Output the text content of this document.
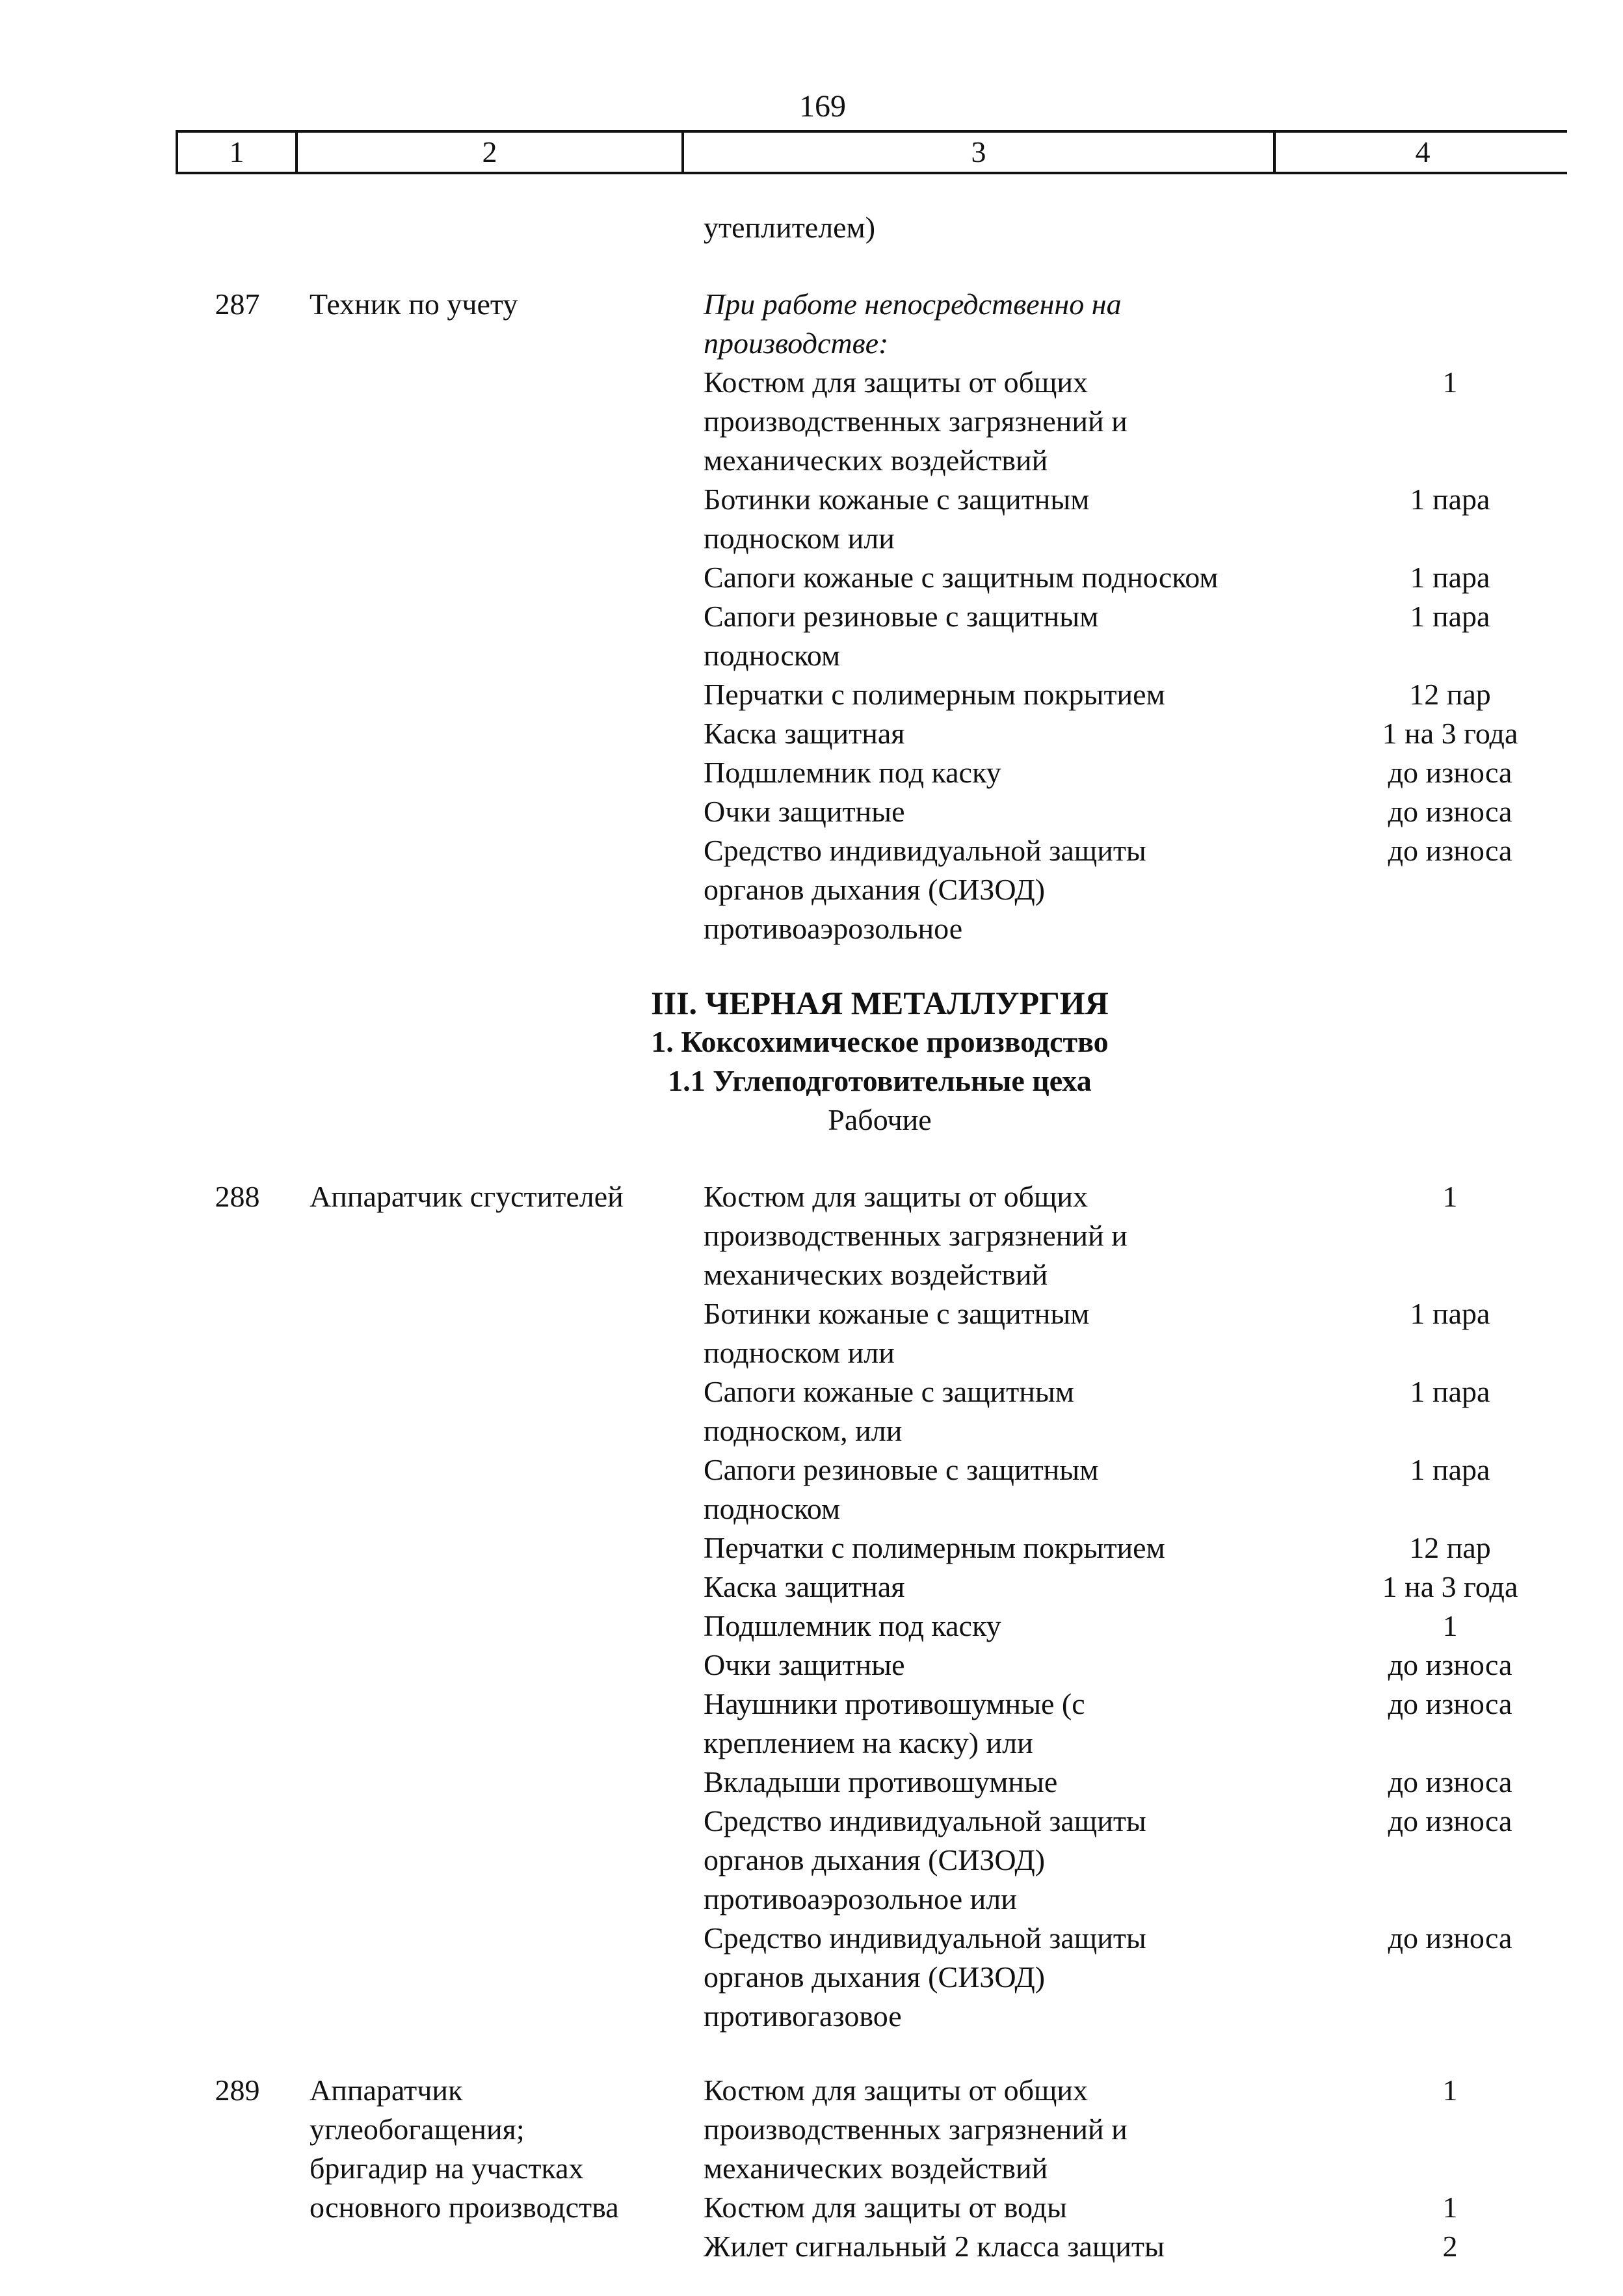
169
1	2	3	4
утеплителем)
287	Техник по учету	При работе непосредственно на
производстве:
Костюм для защиты от общих	1
производственных загрязнений и
механических воздействий
Ботинки кожаные с защитным	1 пара
подноском или
Сапоги кожаные с защитным подноском	1 пара
Сапоги резиновые с защитным	1 пара
подноском
Перчатки с полимерным покрытием	12 пар
Каска защитная	1 на 3 года
Подшлемник под каску	до износа
Очки защитные	до износа
Средство индивидуальной защиты	до износа
органов дыхания (СИЗОД)
противоаэрозольное
III. ЧЕРНАЯ МЕТАЛЛУРГИЯ
1. Коксохимическое производство
1.1 Углеподготовительные цеха
Рабочие
288	Аппаратчик сгустителей	Костюм для защиты от общих	1
производственных загрязнений и
механических воздействий
Ботинки кожаные с защитным	1 пара
подноском или
Сапоги кожаные с защитным	1 пара
подноском, или
Сапоги резиновые с защитным	1 пара
подноском
Перчатки с полимерным покрытием	12 пар
Каска защитная	1 на 3 года
Подшлемник под каску	1
Очки защитные	до износа
Наушники противошумные (с	до износа
креплением на каску) или
Вкладыши противошумные	до износа
Средство индивидуальной защиты	до износа
органов дыхания (СИЗОД)
противоаэрозольное или
Средство индивидуальной защиты	до износа
органов дыхания (СИЗОД)
противогазовое
289	Аппаратчик
углеобогащения;
бригадир на участках
основного производства
Костюм для защиты от общих	1
производственных загрязнений и
механических воздействий
Костюм для защиты от воды	1
Жилет сигнальный 2 класса защиты	2
